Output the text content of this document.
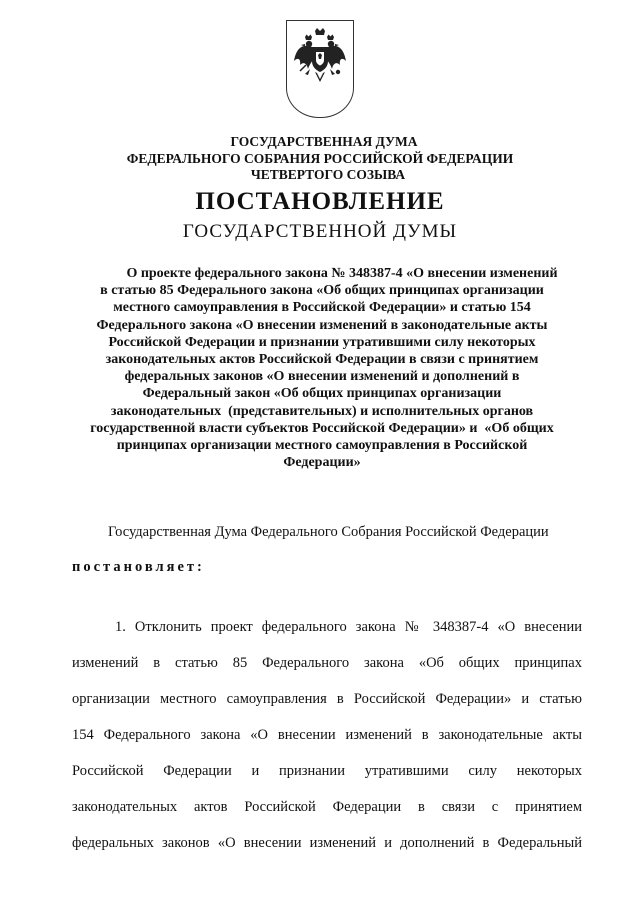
ГОСУДАРСТВЕННАЯ ДУМА
ФЕДЕРАЛЬНОГО СОБРАНИЯ РОССИЙСКОЙ ФЕДЕРАЦИИ
ЧЕТВЕРТОГО СОЗЫВА
ПОСТАНОВЛЕНИЕ
ГОСУДАРСТВЕННОЙ ДУМЫ
О проекте федерального закона № 348387-4 «О внесении изменений
в статью 85 Федерального закона «Об общих принципах организации
местного самоуправления в Российской Федерации» и статью 154
Федерального закона «О внесении изменений в законодательные акты
Российской Федерации и признании утратившими силу некоторых
законодательных актов Российской Федерации в связи с принятием
федеральных законов «О внесении изменений и дополнений в
Федеральный закон «Об общих принципах организации
законодательных  (представительных) и исполнительных органов
государственной власти субъектов Российской Федерации» и  «Об общих
принципах организации местного самоуправления в Российской
Федерации»
Государственная Дума Федерального Собрания Российской Федерации
постановляет:
1. Отклонить проект федерального закона № 348387-4 «О внесении
изменений в статью 85 Федерального закона «Об общих принципах
организации местного самоуправления в Российской Федерации» и статью
154 Федерального закона «О внесении изменений в законодательные акты
Российской Федерации и признании утратившими силу некоторых
законодательных актов Российской Федерации в связи с принятием
федеральных законов «О внесении изменений и дополнений в Федеральный
